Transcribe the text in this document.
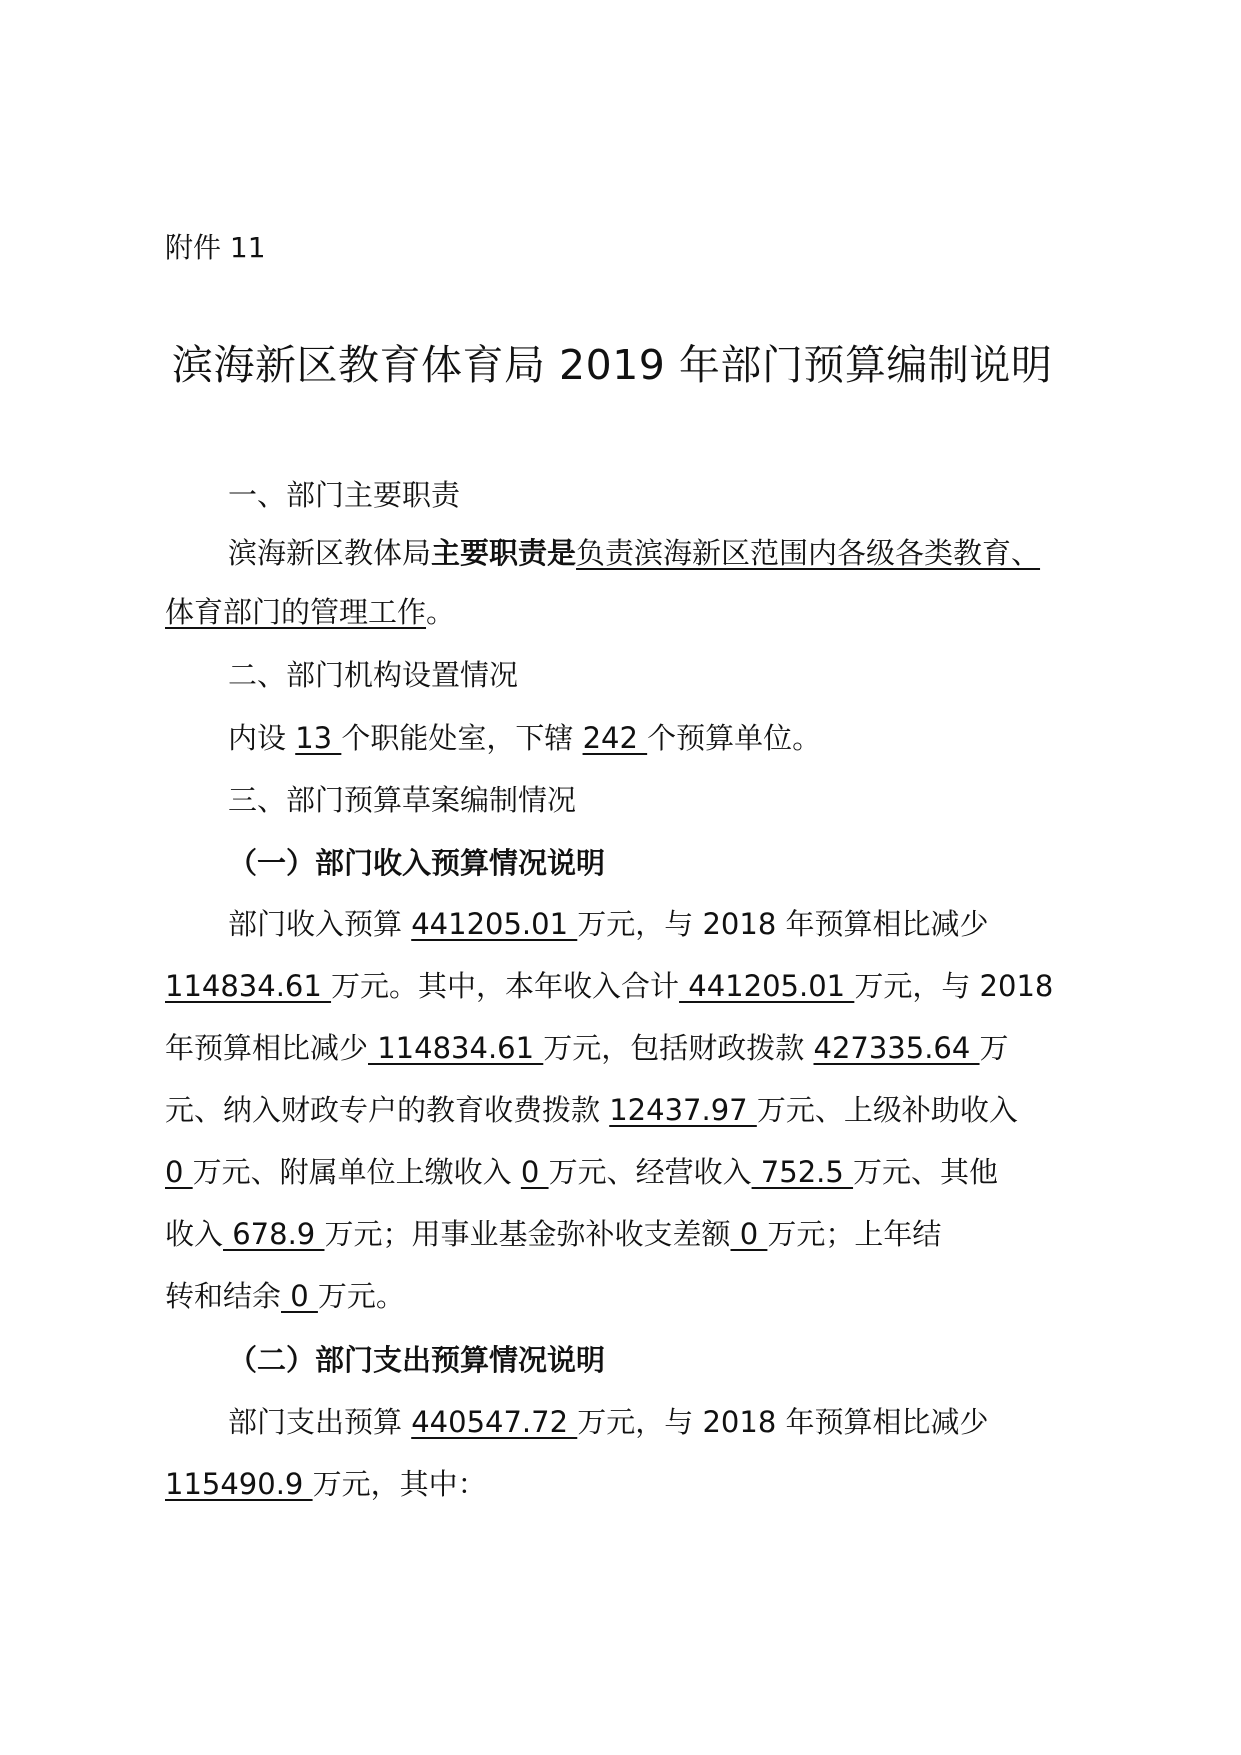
附件 11
滨海新区教育体育局 2019 年部门预算编制说明
一、部门主要职责
滨海新区教体局主要职责是负责滨海新区范围内各级各类教育、
体育部门的管理工作。
二、部门机构设置情况
内设 13 个职能处室，下辖 242 个预算单位。
三、部门预算草案编制情况
（一）部门收入预算情况说明
部门收入预算 441205.01 万元，与 2018 年预算相比减少
114834.61 万元。其中，本年收入合计 441205.01 万元，与 2018
年预算相比减少 114834.61 万元，包括财政拨款 427335.64 万
元、纳入财政专户的教育收费拨款 12437.97 万元、上级补助收入
0 万元、附属单位上缴收入 0 万元、经营收入 752.5 万元、其他
收入 678.9 万元；用事业基金弥补收支差额 0 万元；上年结
转和结余 0 万元。
（二）部门支出预算情况说明
部门支出预算 440547.72 万元，与 2018 年预算相比减少
115490.9 万元，其中：
